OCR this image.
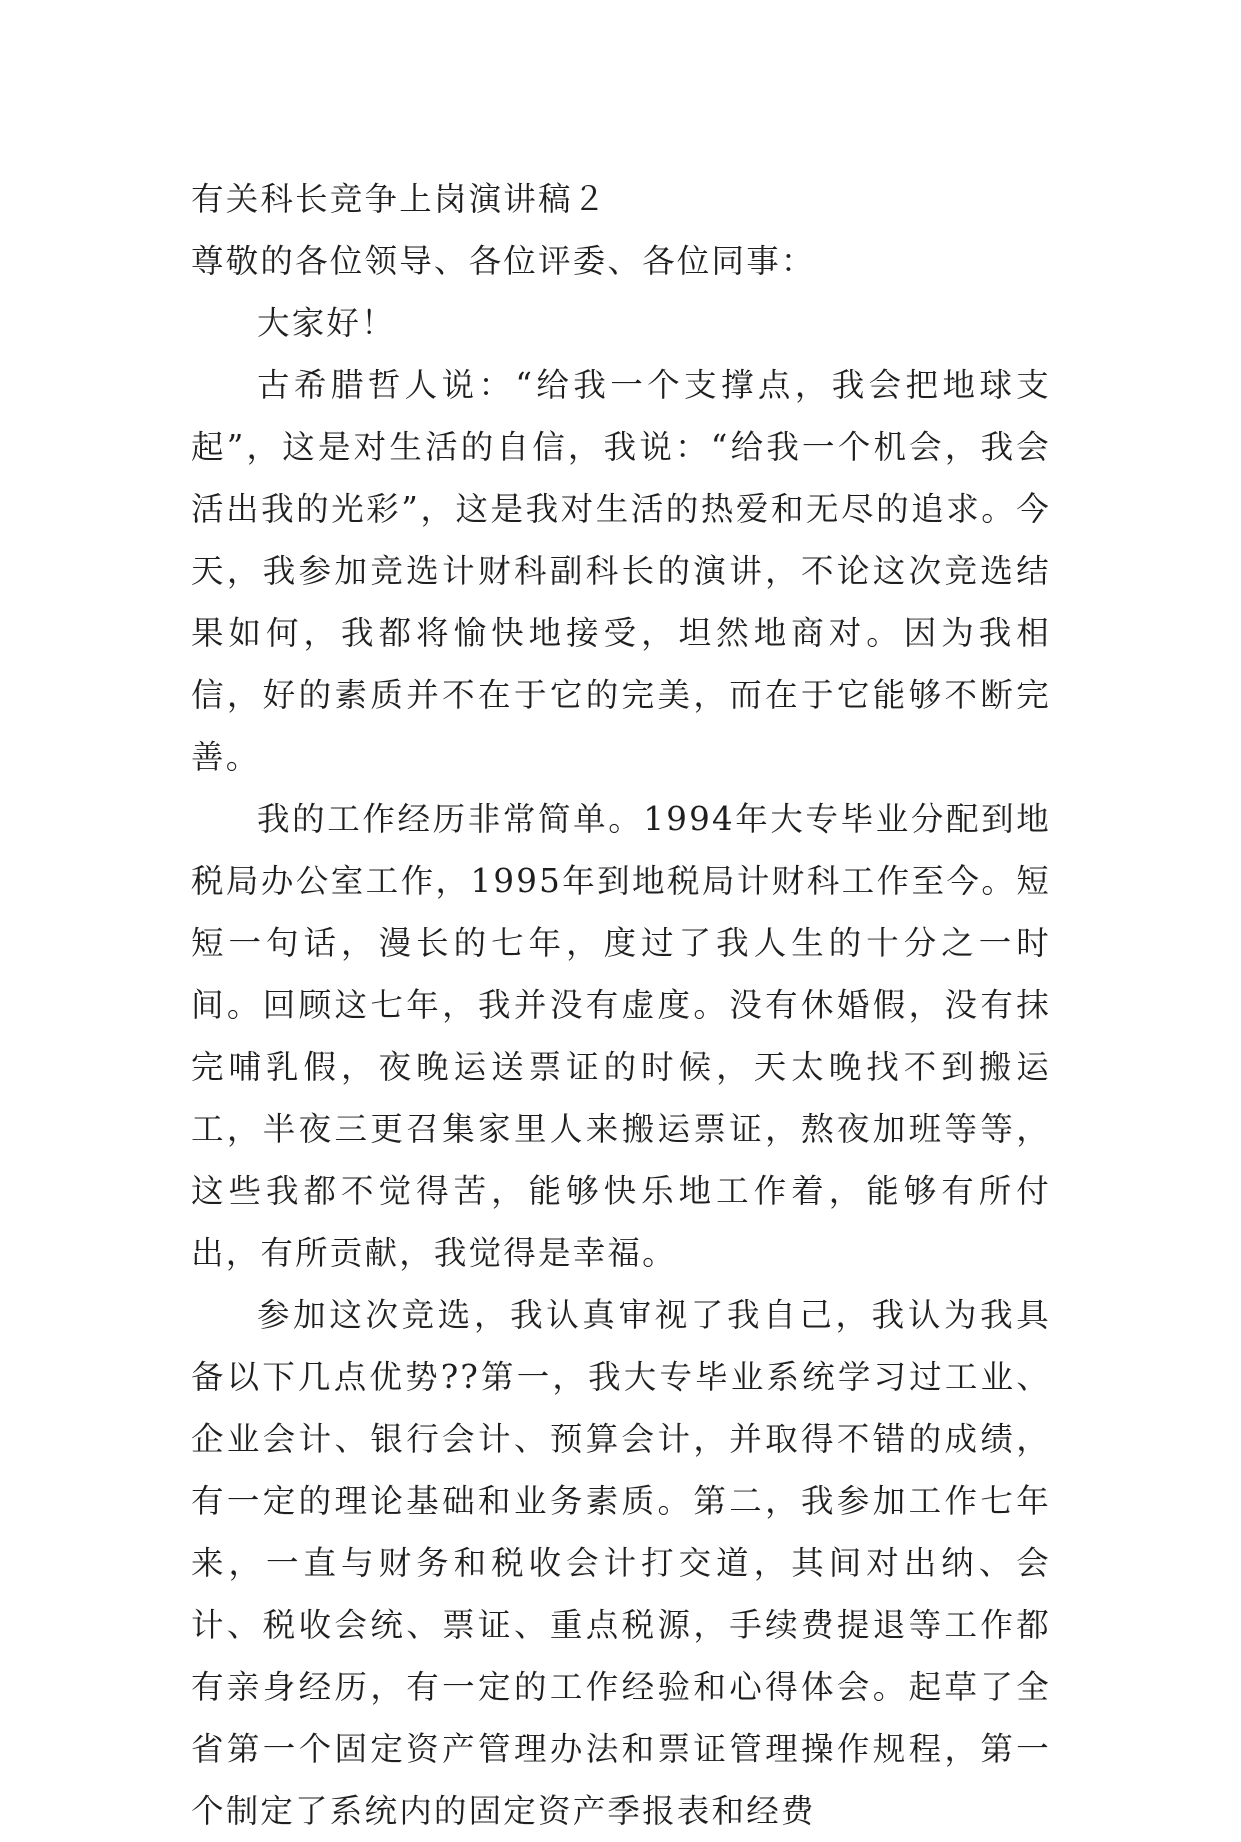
有关科长竞争上岗演讲稿２
尊敬的各位领导、各位评委、各位同事：
大家好！

古希腊哲人说：“给我一个支撑点，我会把地球支起”，这是对生活的自信，我说：“给我一个机会，我会活出我的光彩”，这是我对生活的热爱和无尽的追求。今天，我参加竞选计财科副科长的演讲，不论这次竞选结果如何，我都将愉快地接受，坦然地商对。因为我相信，好的素质并不在于它的完美，而在于它能够不断完善。

我的工作经历非常简单。1994年大专毕业分配到地税局办公室工作，1995年到地税局计财科工作至今。短短一句话，漫长的七年，度过了我人生的十分之一时间。回顾这七年，我并没有虚度。没有休婚假，没有抹完哺乳假，夜晚运送票证的时候，天太晚找不到搬运工，半夜三更召集家里人来搬运票证，熬夜加班等等，这些我都不觉得苦，能够快乐地工作着，能够有所付出，有所贡献，我觉得是幸福。

参加这次竞选，我认真审视了我自己，我认为我具备以下几点优势??第一，我大专毕业系统学习过工业、企业会计、银行会计、预算会计，并取得不错的成绩，有一定的理论基础和业务素质。第二，我参加工作七年来，一直与财务和税收会计打交道，其间对出纳、会计、税收会统、票证、重点税源，手续费提退等工作都有亲身经历，有一定的工作经验和心得体会。起草了全省第一个固定资产管理办法和票证管理操作规程，第一个制定了系统内的固定资产季报表和经费
